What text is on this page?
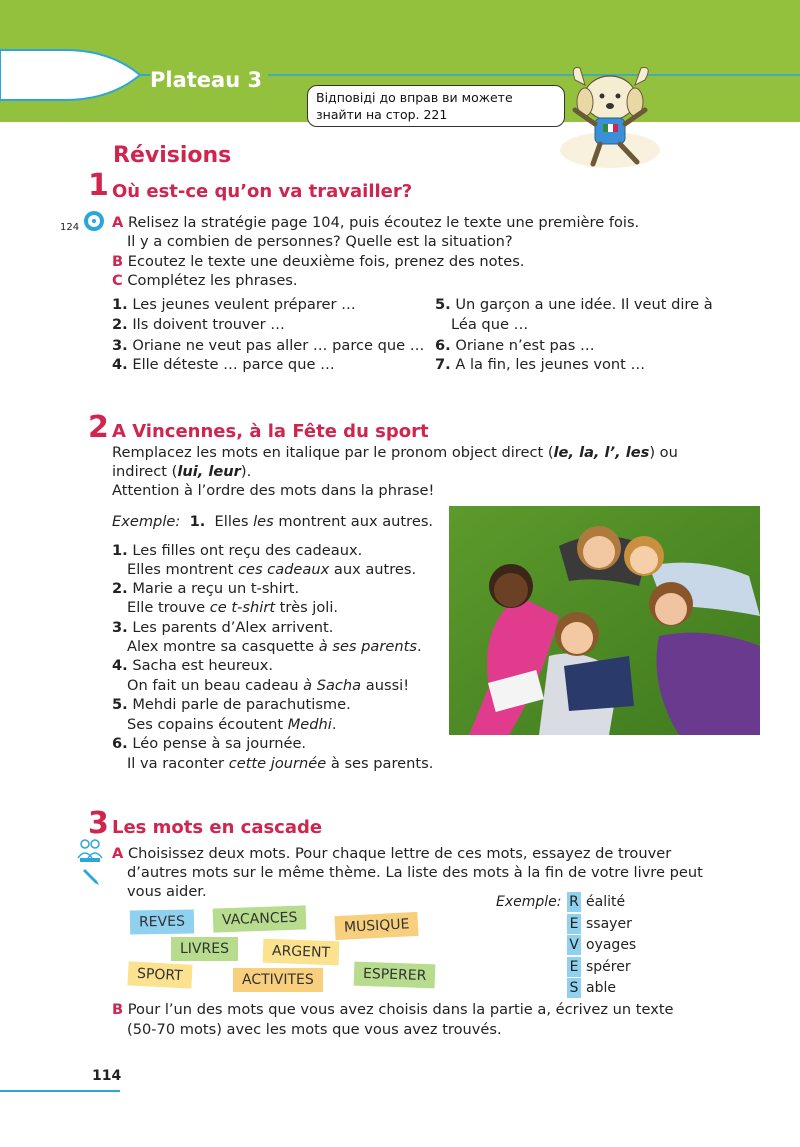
Plateau 3
Відповіді до вправ ви можете
знайти на стор. 221
Révisions
1 Où est-ce qu’on va travailler?
124 A Relisez la stratégie page 104, puis écoutez le texte une première fois.
Il y a combien de personnes? Quelle est la situation?
B Ecoutez le texte une deuxième fois, prenez des notes.
C Complétez les phrases.
1. Les jeunes veulent préparer …
2. Ils doivent trouver …
3. Oriane ne veut pas aller … parce que …
4. Elle déteste … parce que …
5. Un garçon a une idée. Il veut dire à
Léa que …
6. Oriane n’est pas …
7. A la fin, les jeunes vont …
2 A Vincennes, à la Fête du sport
Remplacez les mots en italique par le pronom object direct (le, la, l’, les) ou
indirect (lui, leur).
Attention à l’ordre des mots dans la phrase!
Exemple: 1. Elles les montrent aux autres.
1. Les filles ont reçu des cadeaux.
Elles montrent ces cadeaux aux autres.
2. Marie a reçu un t-shirt.
Elle trouve ce t-shirt très joli.
3. Les parents d’Alex arrivent.
Alex montre sa casquette à ses parents.
4. Sacha est heureux.
On fait un beau cadeau à Sacha aussi!
5. Mehdi parle de parachutisme.
Ses copains écoutent Medhi.
6. Léo pense à sa journée.
Il va raconter cette journée à ses parents.
3 Les mots en cascade
A Choisissez deux mots. Pour chaque lettre de ces mots, essayez de trouver
d’autres mots sur le même thème. La liste des mots à la fin de votre livre peut
vous aider.
REVES	VACANCES	MUSIQUE
LIVRES	ARGENT
SPORT	ACTIVITES	ESPERER
Exemple: R éalité
E ssayer
V oyages
E spérer
S able
B Pour l’un des mots que vous avez choisis dans la partie a, écrivez un texte
(50-70 mots) avec les mots que vous avez trouvés.
114
